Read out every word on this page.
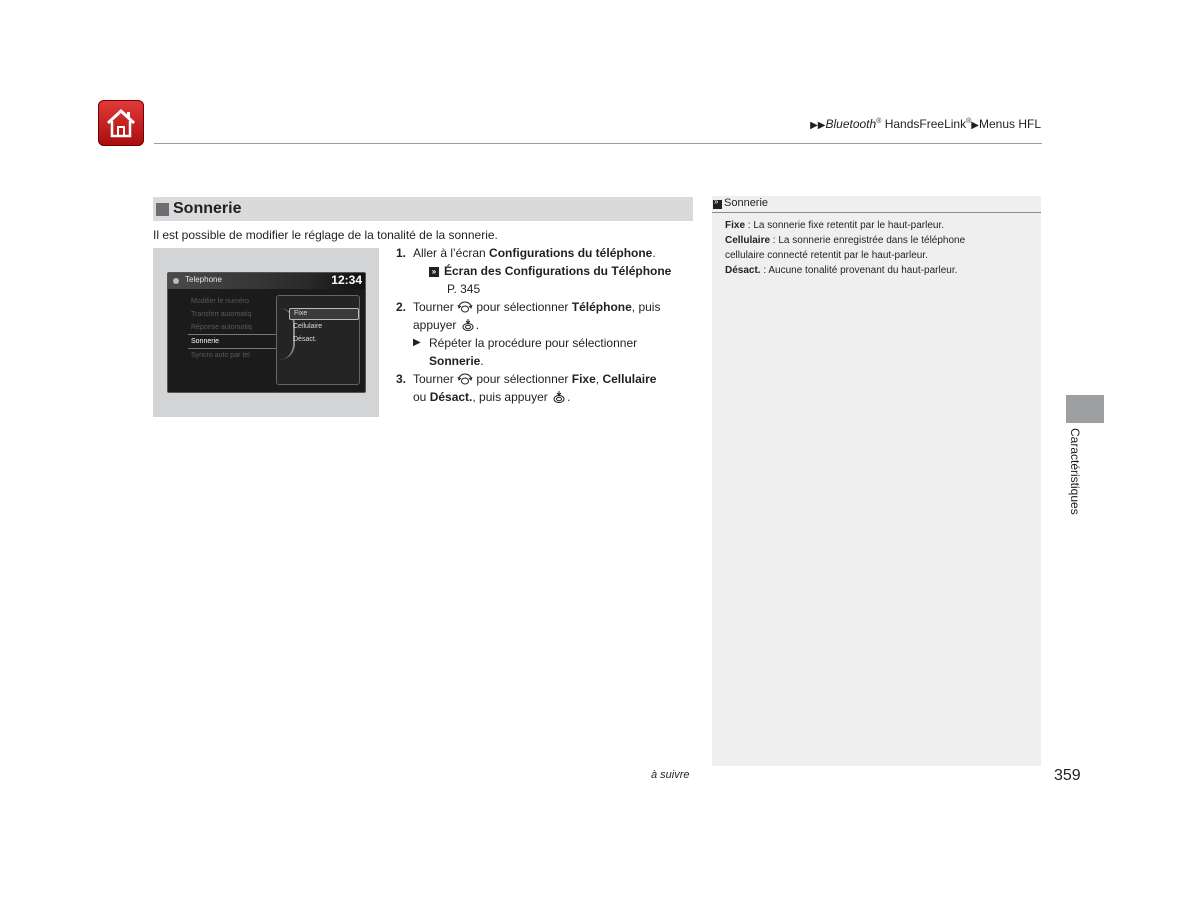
▶▶Bluetooth® HandsFreeLink®▶Menus HFL
Sonnerie
Il est possible de modifier le réglage de la tonalité de la sonnerie.
Telephone	12:34
Modifier le numéro
Transfert automatiq
Réponse automatiq
Sonnerie
Syncro auto par tél
Fixe
Cellulaire
Désact.
1. Aller à l’écran Configurations du téléphone.
» Écran des Configurations du Téléphone
P. 345
2. Tourner  pour sélectionner Téléphone, puis
appuyer .
▶ Répéter la procédure pour sélectionner
Sonnerie.
3. Tourner  pour sélectionner Fixe, Cellulaire
ou Désact., puis appuyer .
»
Sonnerie
Fixe : La sonnerie fixe retentit par le haut-parleur.
Cellulaire : La sonnerie enregistrée dans le téléphone
cellulaire connecté retentit par le haut-parleur.
Désact. : Aucune tonalité provenant du haut-parleur.
Caractéristiques
à suivre	359
